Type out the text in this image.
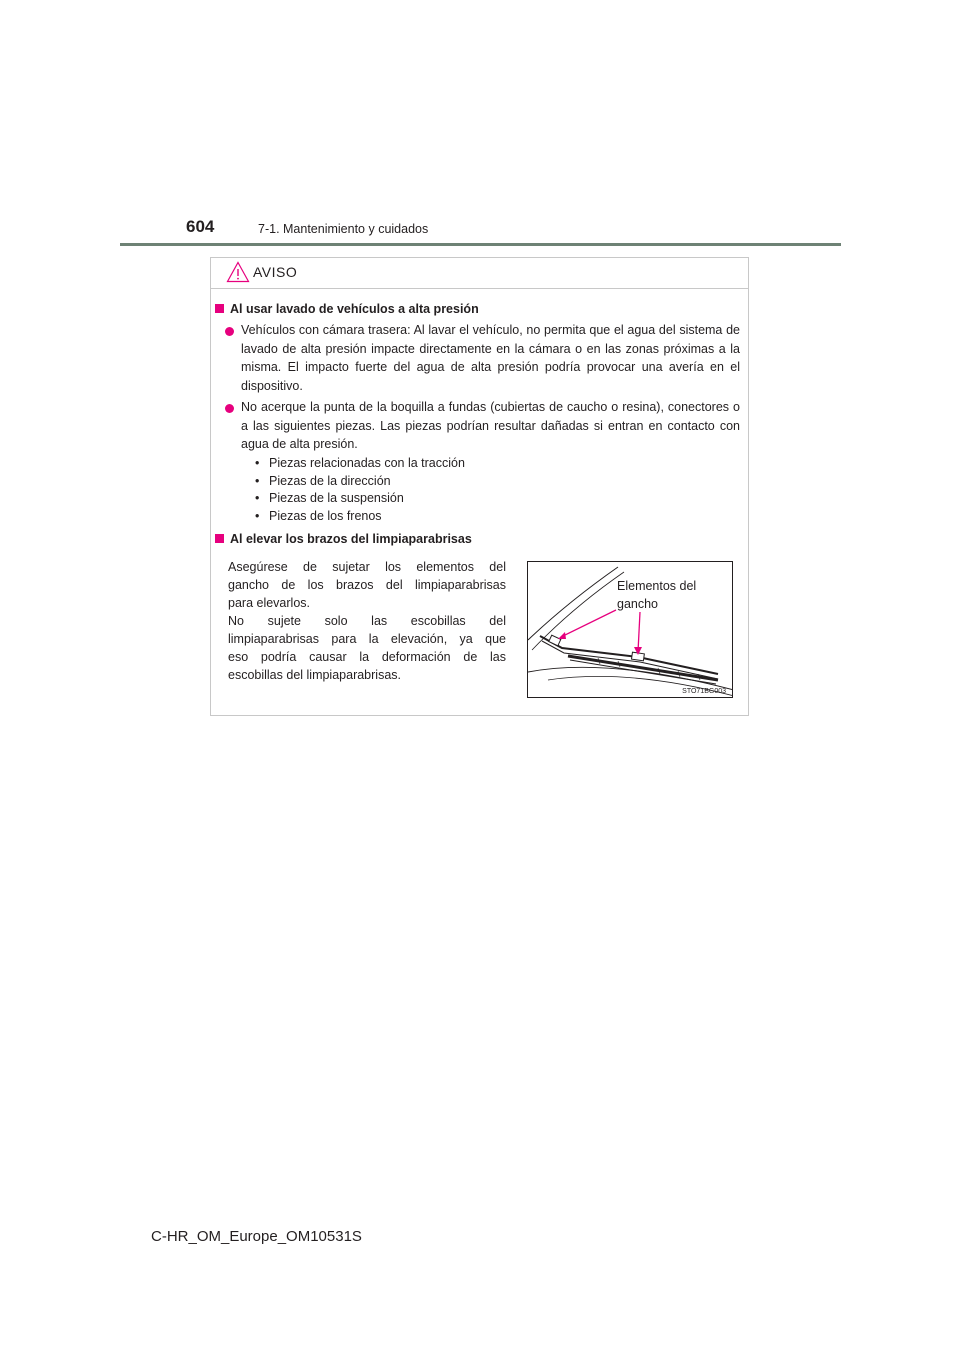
604	7-1. Mantenimiento y cuidados
AVISO
Al usar lavado de vehículos a alta presión
Vehículos con cámara trasera: Al lavar el vehículo, no permita que el agua del sistema de lavado de alta presión impacte directamente en la cámara o en las zonas próximas a la misma. El impacto fuerte del agua de alta presión podría provocar una avería en el dispositivo.
No acerque la punta de la boquilla a fundas (cubiertas de caucho o resina), conectores o a las siguientes piezas. Las piezas podrían resultar dañadas si entran en contacto con agua de alta presión.
• Piezas relacionadas con la tracción
• Piezas de la dirección
• Piezas de la suspensión
• Piezas de los frenos
Al elevar los brazos del limpiaparabrisas
Asegúrese de sujetar los elementos del
gancho de los brazos del limpiaparabrisas
para elevarlos.
No sujete solo las escobillas del
limpiaparabrisas para la elevación, ya que
eso podría causar la deformación de las
escobillas del limpiaparabrisas.
Elementos del
gancho
STO71BG003
C-HR_OM_Europe_OM10531S
